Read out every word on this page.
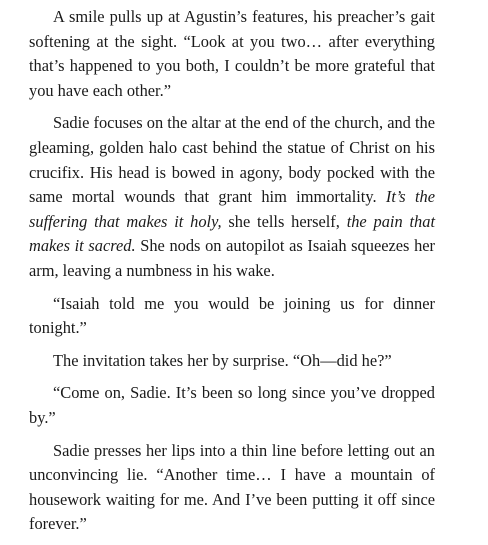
A smile pulls up at Agustin’s features, his preacher’s gait softening at the sight. “Look at you two… after everything that’s happened to you both, I couldn’t be more grateful that you have each other.”

Sadie focuses on the altar at the end of the church, and the gleaming, golden halo cast behind the statue of Christ on his crucifix. His head is bowed in agony, body pocked with the same mortal wounds that grant him immortality. It’s the suffering that makes it holy, she tells herself, the pain that makes it sacred. She nods on autopilot as Isaiah squeezes her arm, leaving a numbness in his wake.

“Isaiah told me you would be joining us for dinner tonight.”

The invitation takes her by surprise. “Oh—did he?”

“Come on, Sadie. It’s been so long since you’ve dropped by.”

Sadie presses her lips into a thin line before letting out an unconvincing lie. “Another time… I have a mountain of housework waiting for me. And I’ve been putting it off since forever.”
